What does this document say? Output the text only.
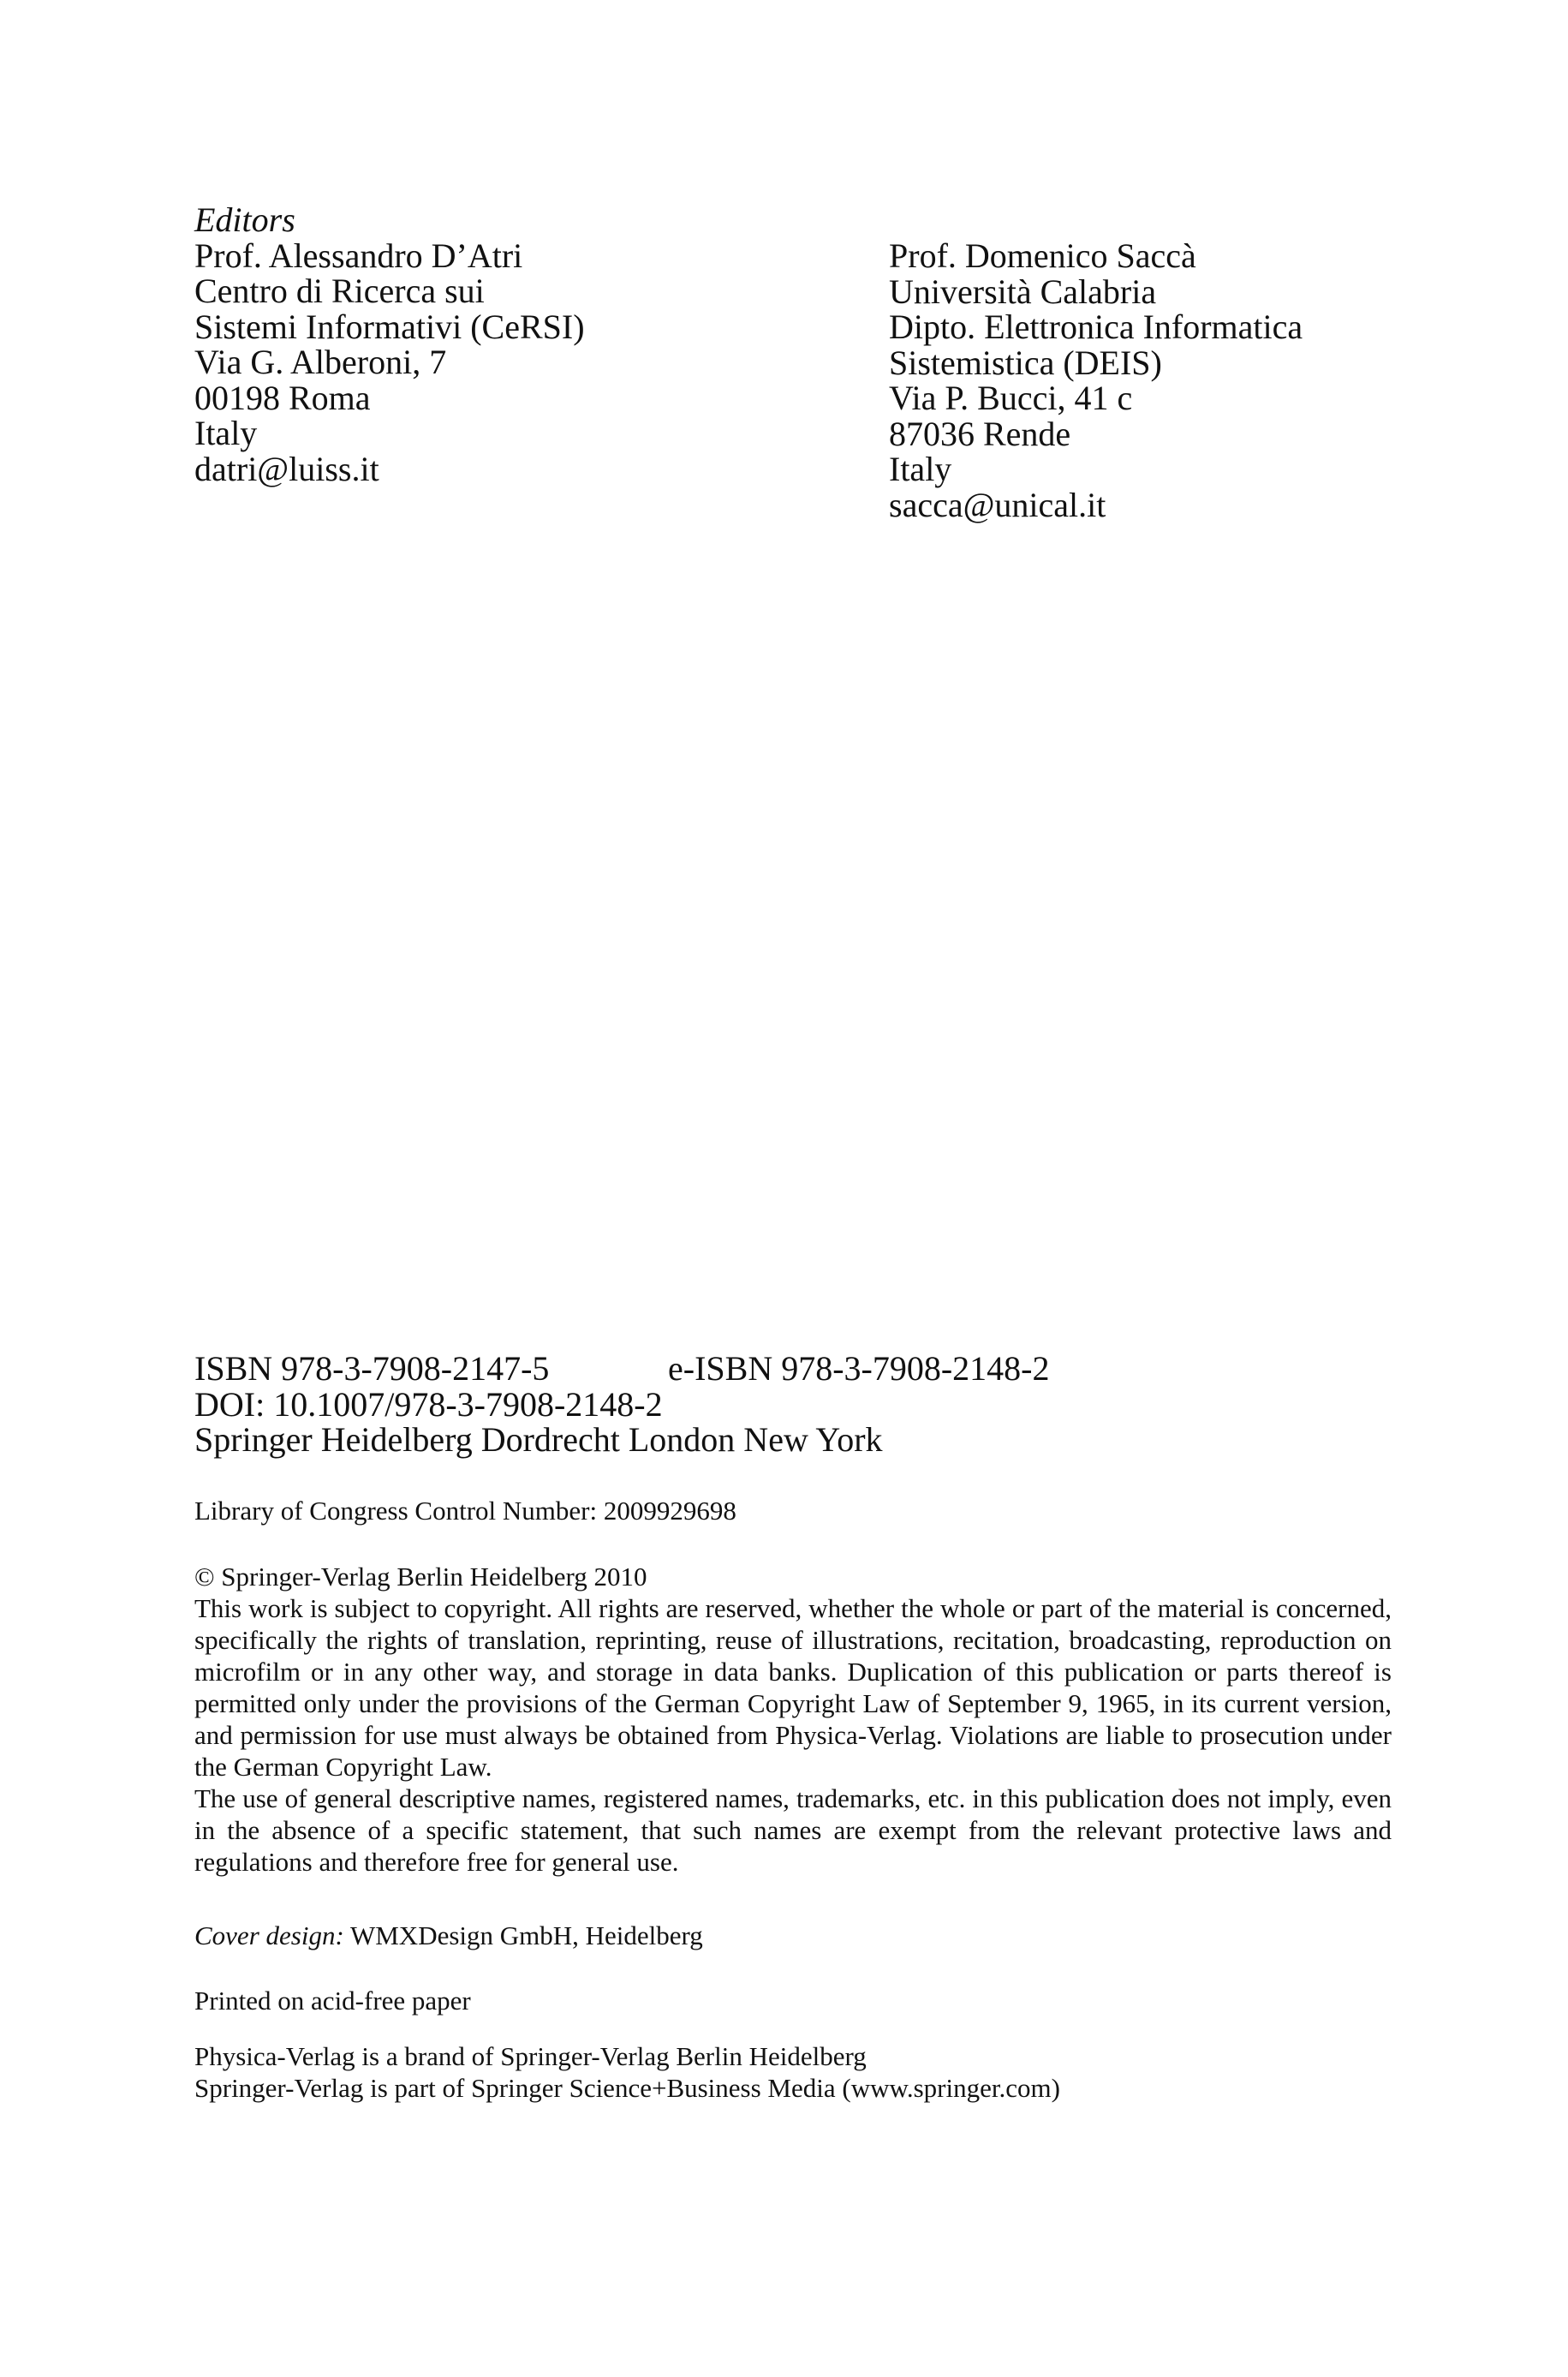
Editors
Prof. Alessandro D’Atri
Centro di Ricerca sui
Sistemi Informativi (CeRSI)
Via G. Alberoni, 7
00198 Roma
Italy
datri@luiss.it
Prof. Domenico Saccà
Università Calabria
Dipto. Elettronica Informatica
Sistemistica (DEIS)
Via P. Bucci, 41 c
87036 Rende
Italy
sacca@unical.it
ISBN 978-3-7908-2147-5	e-ISBN 978-3-7908-2148-2
DOI: 10.1007/978-3-7908-2148-2
Springer Heidelberg Dordrecht London New York
Library of Congress Control Number: 2009929698

© Springer-Verlag Berlin Heidelberg 2010

This work is subject to copyright. All rights are reserved, whether the whole or part of the material is concerned, specifically the rights of translation, reprinting, reuse of illustrations, recitation, broadcasting, reproduction on microfilm or in any other way, and storage in data banks. Duplication of this publication or parts thereof is permitted only under the provisions of the German Copyright Law of September 9, 1965, in its current version, and permission for use must always be obtained from Physica-Verlag. Violations are liable to prosecution under the German Copyright Law.

The use of general descriptive names, registered names, trademarks, etc. in this publication does not imply, even in the absence of a specific statement, that such names are exempt from the relevant protective laws and regulations and therefore free for general use.

Cover design: WMXDesign GmbH, Heidelberg
Printed on acid-free paper
Physica-Verlag is a brand of Springer-Verlag Berlin Heidelberg
Springer-Verlag is part of Springer Science+Business Media (www.springer.com)
